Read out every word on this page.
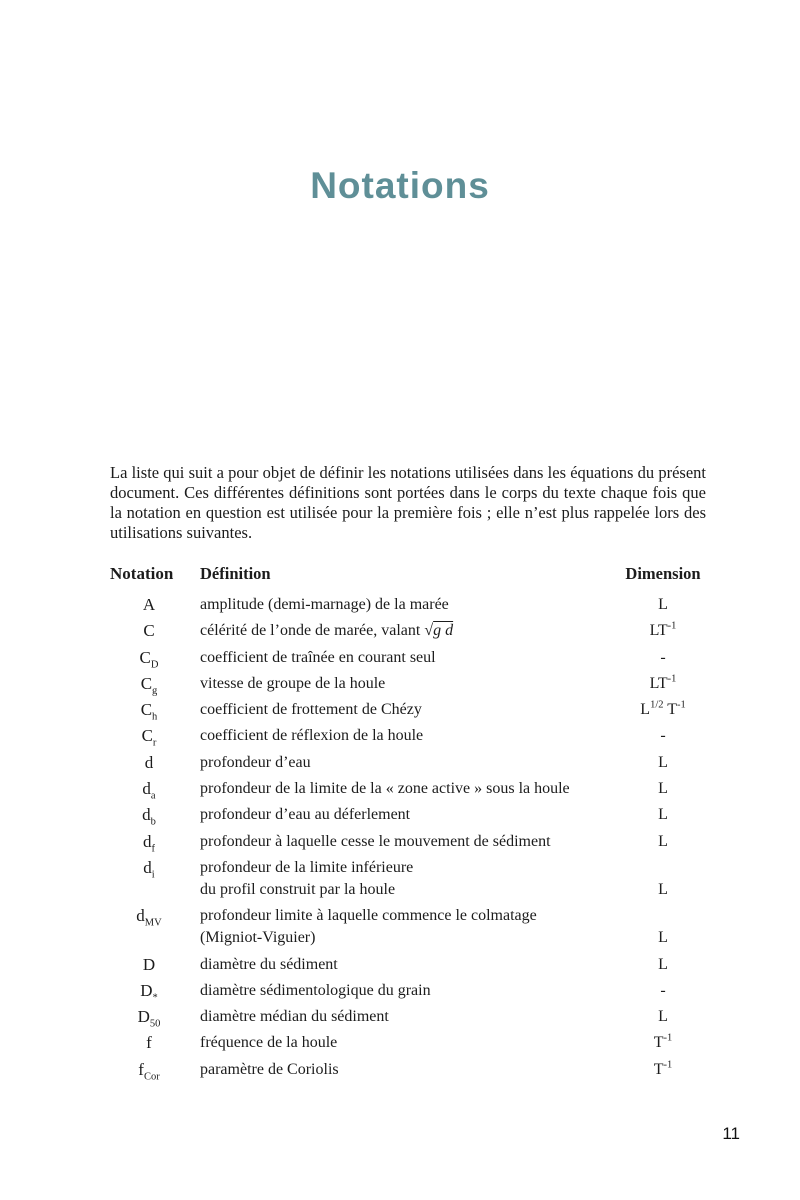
Notations

La liste qui suit a pour objet de définir les notations utilisées dans les équations du présent document. Ces différentes définitions sont portées dans le corps du texte chaque fois que la notation en question est utilisée pour la première fois ; elle n’est plus rappelée lors des utilisations suivantes.

Notation	Définition	Dimension
A	amplitude (demi-marnage) de la marée	L
C	célérité de l’onde de marée, valant √g d	$LT^{-1}$
$C_D$	coefficient de traînée en courant seul	-
$C_g$	vitesse de groupe de la houle	$LT^{-1}$
$C_h$	coefficient de frottement de Chézy	$L^{1/2}$ $T^{-1}$
$C_r$	coefficient de réflexion de la houle	-
d	profondeur d’eau	L
$d_a$	profondeur de la limite de la « zone active » sous la houle	L
$d_b$	profondeur d’eau au déferlement	L
$d_f$	profondeur à laquelle cesse le mouvement de sédiment	L
$d_i$	profondeur de la limite inférieure
du profil construit par la houle	L
$d_{MV}$	profondeur limite à laquelle commence le colmatage
(Migniot-Viguier)	L
D	diamètre du sédiment	L
$D_*$	diamètre sédimentologique du grain	-
$D_{50}$	diamètre médian du sédiment	L
f	fréquence de la houle	$T^{-1}$
$f_{Cor}$	paramètre de Coriolis	$T^{-1}$
11
